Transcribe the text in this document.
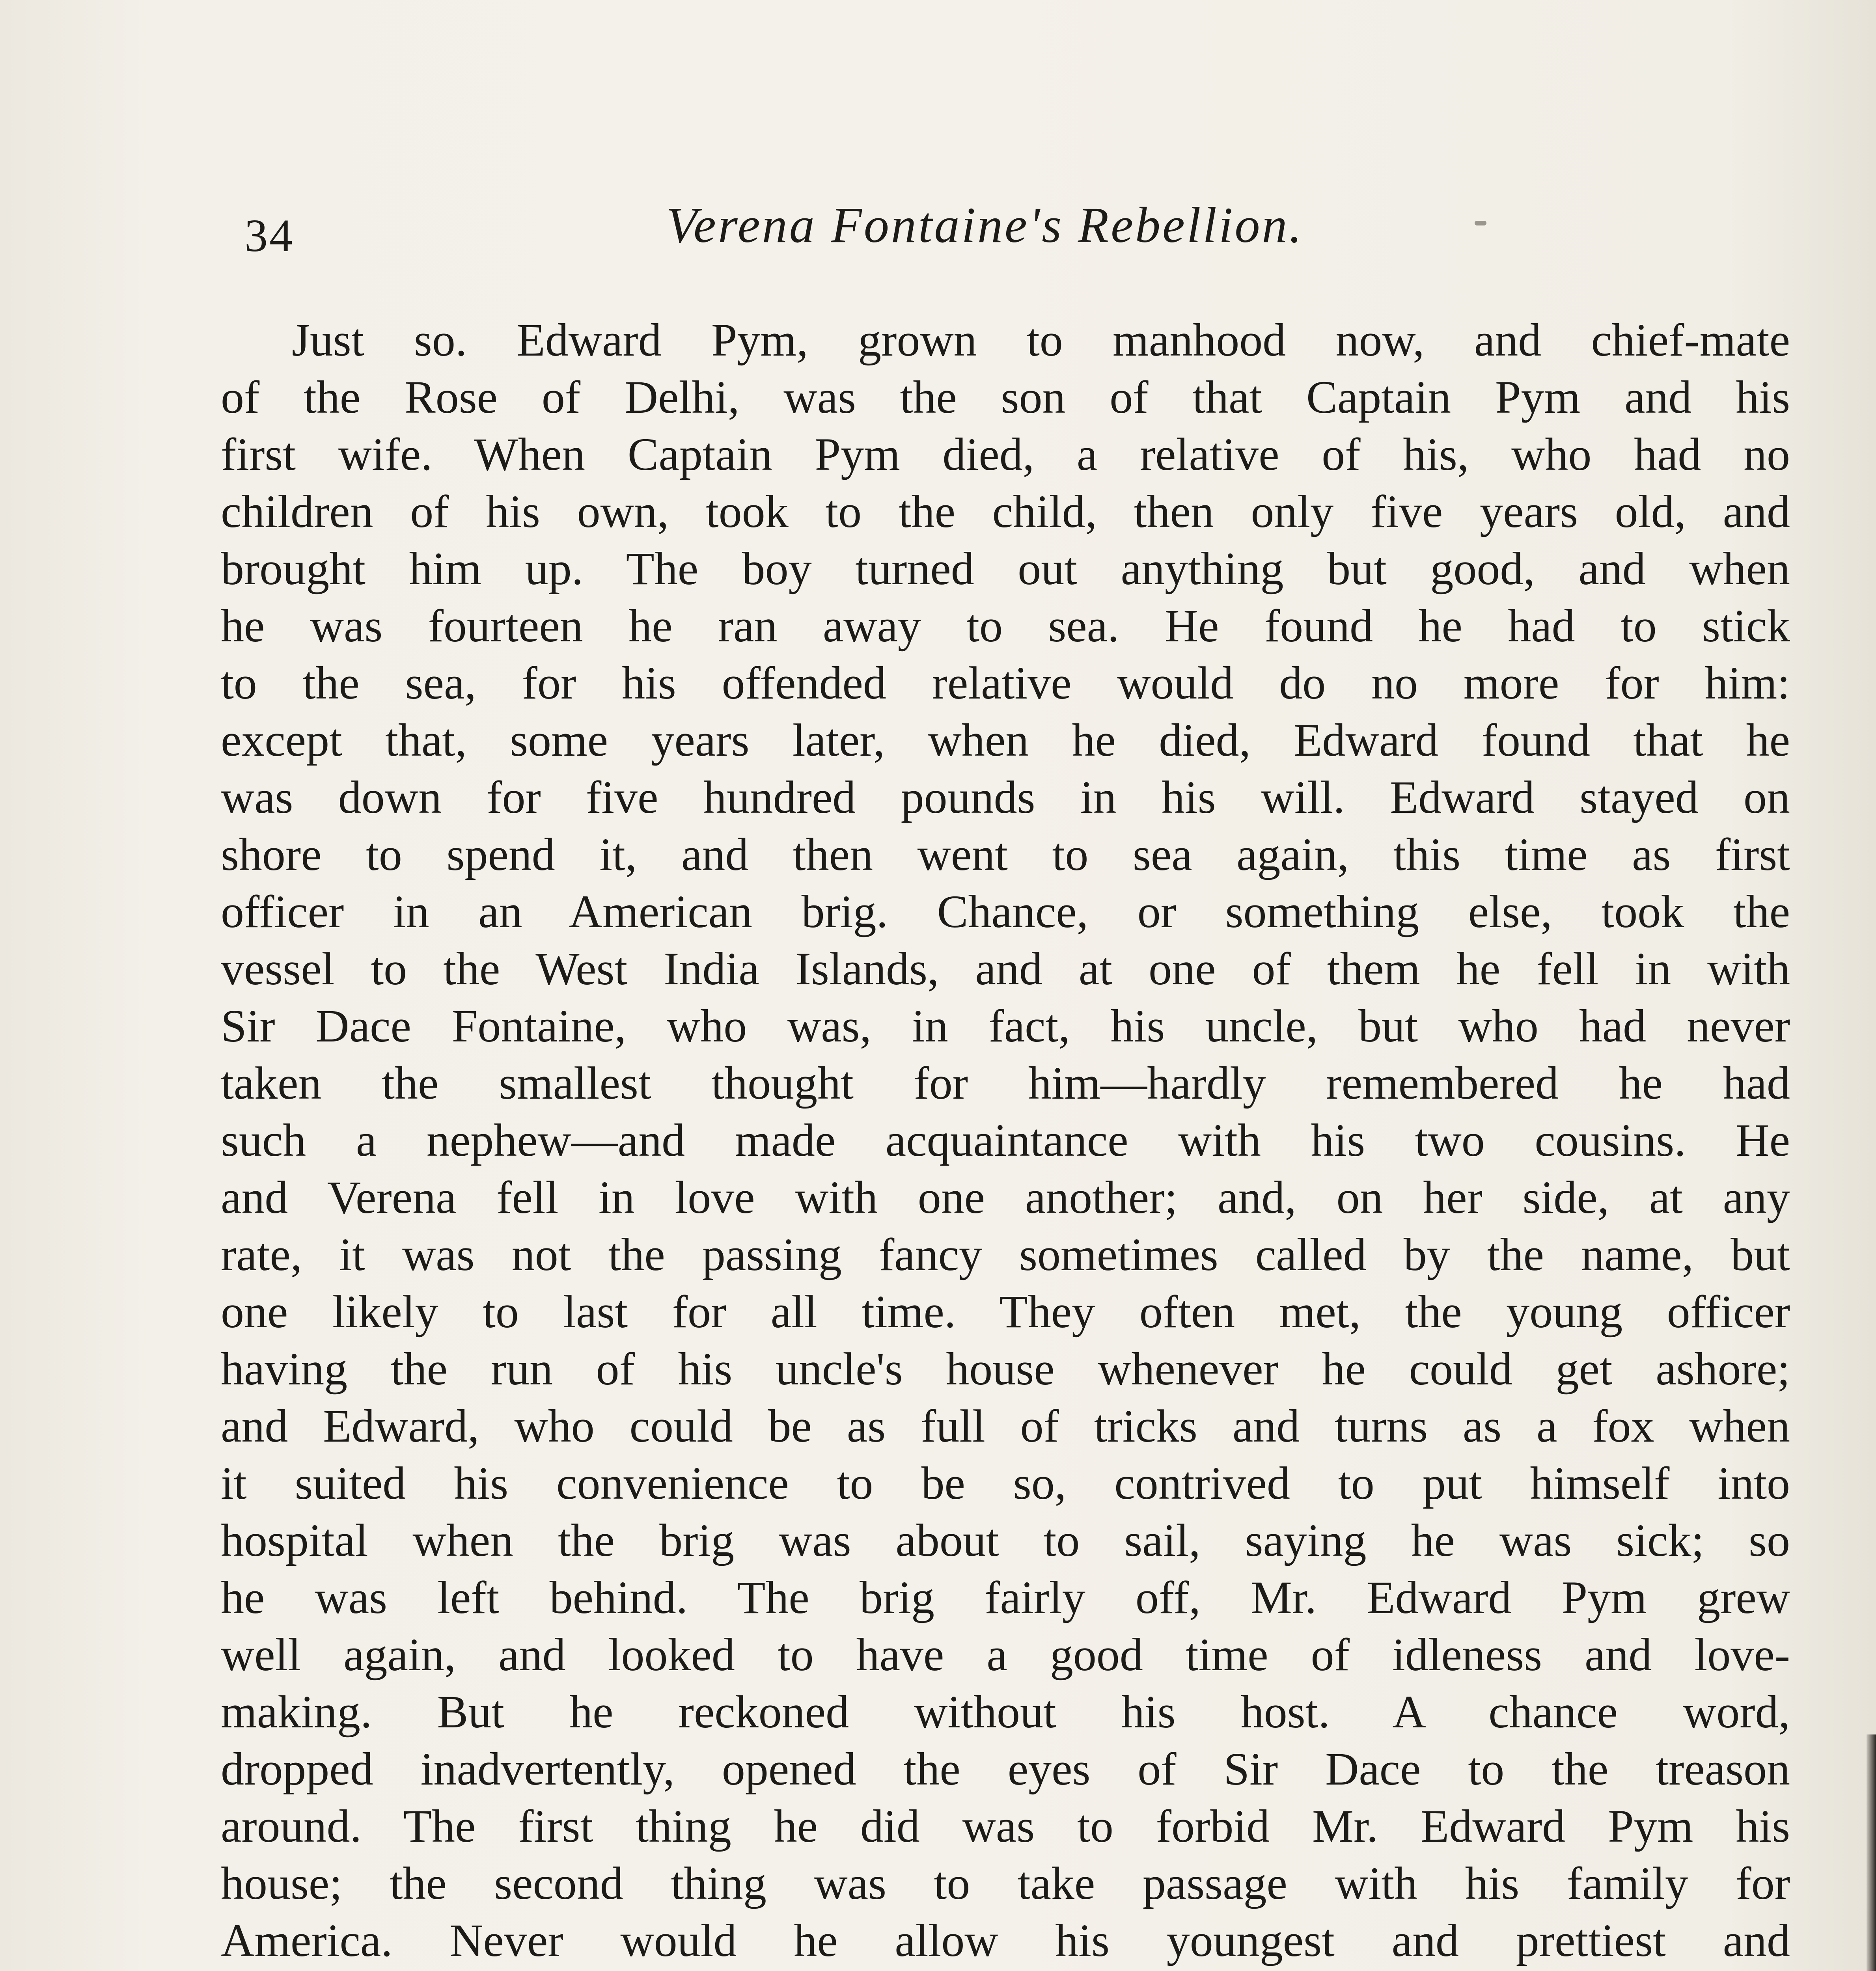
34	Verena Fontaine's Rebellion.
Just so. Edward Pym, grown to manhood now, and chief-mate
of the Rose of Delhi, was the son of that Captain Pym and his
first wife. When Captain Pym died, a relative of his, who had no
children of his own, took to the child, then only five years old, and
brought him up. The boy turned out anything but good, and when
he was fourteen he ran away to sea. He found he had to stick
to the sea, for his offended relative would do no more for him:
except that, some years later, when he died, Edward found that he
was down for five hundred pounds in his will. Edward stayed on
shore to spend it, and then went to sea again, this time as first
officer in an American brig. Chance, or something else, took the
vessel to the West India Islands, and at one of them he fell in with
Sir Dace Fontaine, who was, in fact, his uncle, but who had never
taken the smallest thought for him—hardly remembered he had
such a nephew—and made acquaintance with his two cousins. He
and Verena fell in love with one another; and, on her side, at any
rate, it was not the passing fancy sometimes called by the name, but
one likely to last for all time. They often met, the young officer
having the run of his uncle's house whenever he could get ashore;
and Edward, who could be as full of tricks and turns as a fox when
it suited his convenience to be so, contrived to put himself into
hospital when the brig was about to sail, saying he was sick; so
he was left behind. The brig fairly off, Mr. Edward Pym grew
well again, and looked to have a good time of idleness and love-
making. But he reckoned without his host. A chance word,
dropped inadvertently, opened the eyes of Sir Dace to the treason
around. The first thing he did was to forbid Mr. Edward Pym his
house; the second thing was to take passage with his family for
America. Never would he allow his youngest and prettiest and
